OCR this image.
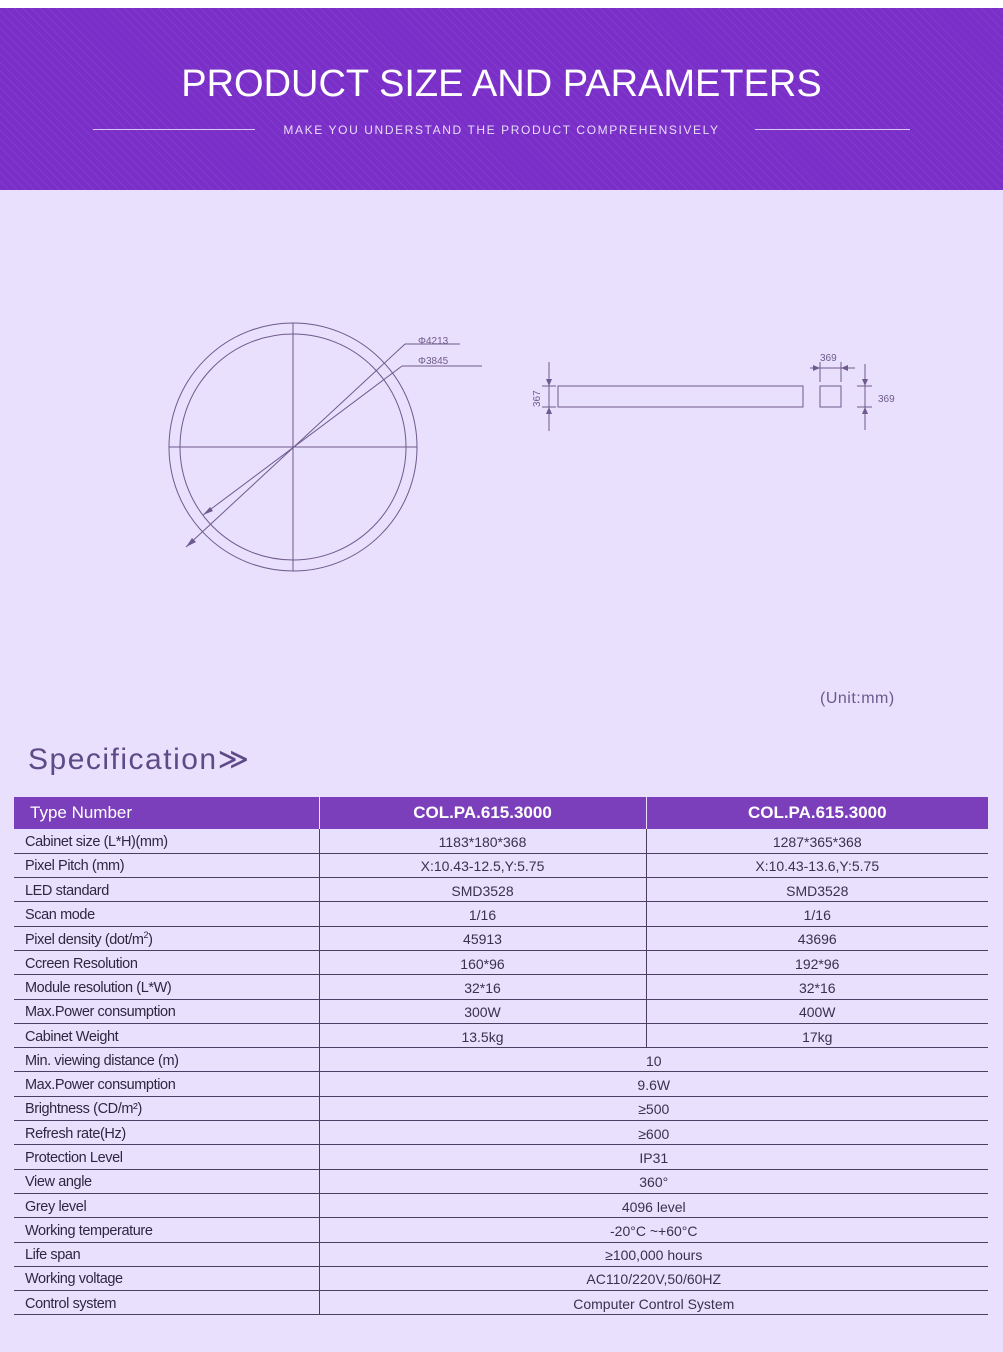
PRODUCT SIZE AND PARAMETERS
MAKE YOU UNDERSTAND THE PRODUCT COMPREHENSIVELY
Φ4213
Φ3845	369
369
367
(Unit:mm)
Specification≫
Type Number	COL.PA.615.3000	COL.PA.615.3000
Cabinet size (L*H)(mm)	1183*180*368	1287*365*368
Pixel Pitch (mm)	X:10.43-12.5,Y:5.75	X:10.43-13.6,Y:5.75
LED standard	SMD3528	SMD3528
Scan mode	1/16	1/16
Pixel density $(dot/m^2)$	45913	43696
Ccreen Resolution	160*96	192*96
Module resolution (L*W)	32*16	32*16
Max.Power consumption	300W	400W
Cabinet Weight	13.5kg	17kg
Min. viewing distance (m)	10	
Max.Power consumption	9.6W	
Brightness (CD/m²)	≥500	
Refresh rate(Hz)	≥600	
Protection Level	IP31	
View angle	360°	
Grey level	4096 level	
Working temperature	-20°C ~+60°C	
Life span	≥100,000 hours	
Working voltage	AC110/220V,50/60HZ	
Control system	Computer Control System	
